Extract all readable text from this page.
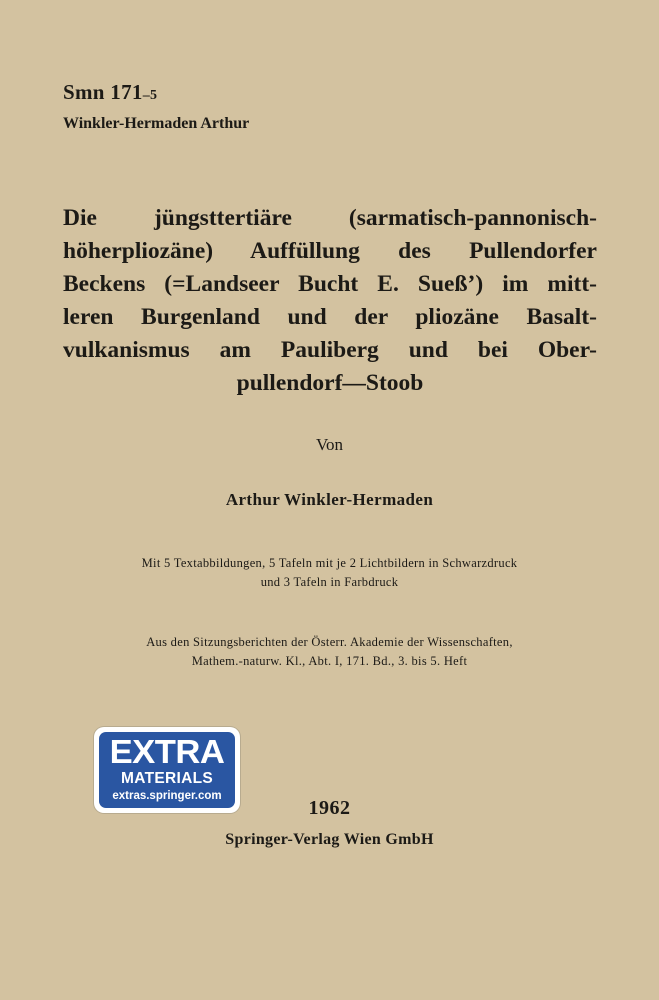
Smn 171–5
Winkler-Hermaden Arthur
Die jüngsttertiäre (sarmatisch-pannonisch-
höherpliozäne) Auffüllung des Pullendorfer
Beckens (=Landseer Bucht E. Sueß’) im mitt-
leren Burgenland und der pliozäne Basalt-
vulkanismus am Pauliberg und bei Ober-
pullendorf—Stoob
Von
Arthur Winkler-Hermaden
Mit 5 Textabbildungen, 5 Tafeln mit je 2 Lichtbildern in Schwarzdruck
und 3 Tafeln in Farbdruck
Aus den Sitzungsberichten der Österr. Akademie der Wissenschaften,
Mathem.-naturw. Kl., Abt. I, 171. Bd., 3. bis 5. Heft
EXTRA
MATERIALS
extras.springer.com
1962
Springer-Verlag Wien GmbH
